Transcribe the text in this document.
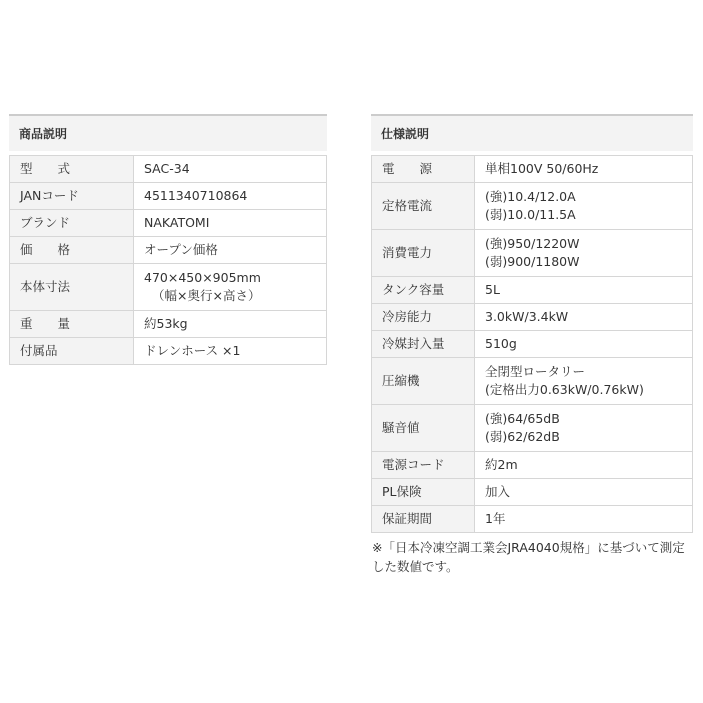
商品説明
型　　式	SAC-34

JANコード	4511340710864

ブランド	NAKATOMI

価　　格	オープン価格

本体寸法	470×450×905mm
（幅×奥行×高さ）

重　　量	約53kg

付属品	ドレンホース ×1
仕様説明
電　　源	単相100V 50/60Hz

定格電流	(強)10.4/12.0A
(弱)10.0/11.5A

消費電力	(強)950/1220W
(弱)900/1180W

タンク容量	5L

冷房能力	3.0kW/3.4kW

冷媒封入量	510g

圧縮機	全閉型ロータリー
(定格出力0.63kW/0.76kW)

騒音値	(強)64/65dB
(弱)62/62dB

電源コード	約2m

PL保険	加入

保証期間	1年
※「日本冷凍空調工業会JRA4040規格」に基づいて測定した数値です。
